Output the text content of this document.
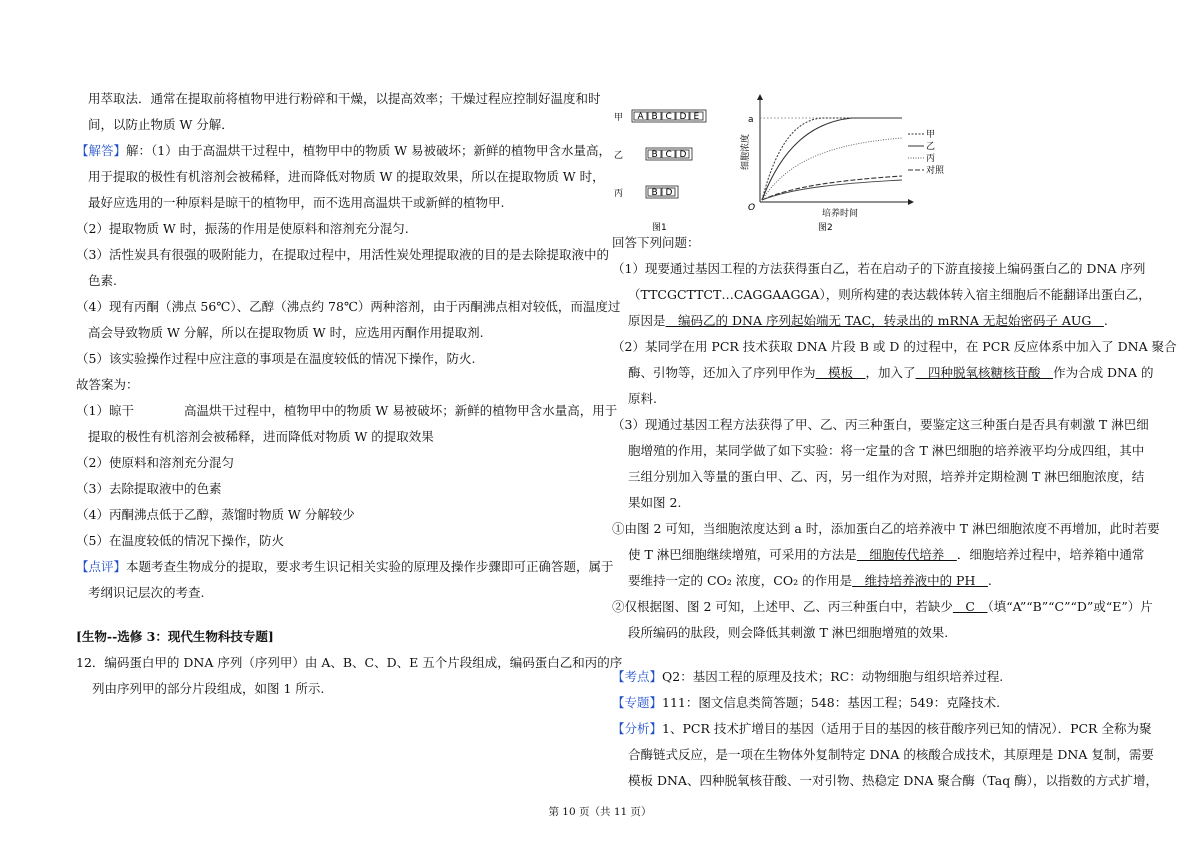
用萃取法．通常在提取前将植物甲进行粉碎和干燥，以提高效率；干燥过程应控制好温度和时
间，以防止物质 W 分解．
【解答】解：（1）由于高温烘干过程中，植物甲中的物质 W 易被破坏；新鲜的植物甲含水量高，
用于提取的极性有机溶剂会被稀释，进而降低对物质 W 的提取效果，所以在提取物质 W 时，
最好应选用的一种原料是晾干的植物甲，而不选用高温烘干或新鲜的植物甲.
（2）提取物质 W 时，振荡的作用是使原料和溶剂充分混匀.
（3）活性炭具有很强的吸附能力，在提取过程中，用活性炭处理提取液的目的是去除提取液中的
色素.
（4）现有丙酮（沸点 56℃）、乙醇（沸点约 78℃）两种溶剂，由于丙酮沸点相对较低，而温度过
高会导致物质 W 分解，所以在提取物质 W 时，应选用丙酮作用提取剂.
（5）该实验操作过程中应注意的事项是在温度较低的情况下操作，防火.
故答案为：
（1）晾干　　　　高温烘干过程中，植物甲中的物质 W 易被破坏；新鲜的植物甲含水量高，用于
提取的极性有机溶剂会被稀释，进而降低对物质 W 的提取效果
（2）使原料和溶剂充分混匀
（3）去除提取液中的色素
（4）丙酮沸点低于乙醇，蒸馏时物质 W 分解较少
（5）在温度较低的情况下操作，防火
【点评】本题考查生物成分的提取，要求考生识记相关实验的原理及操作步骤即可正确答题，属于
考纲识记层次的考查.
[生物--选修 3：现代生物科技专题]
12．编码蛋白甲的 DNA 序列（序列甲）由 A、B、C、D、E 五个片段组成，编码蛋白乙和丙的序
列由序列甲的部分片段组成，如图 1 所示.
甲 A B C D E
乙	B C D
丙	B D
a
O
细胞浓度
培养时间
图2
甲
乙
丙
对照
图1
回答下列问题：
（1）现要通过基因工程的方法获得蛋白乙，若在启动子的下游直接接上编码蛋白乙的 DNA 序列
（TTCGCTTCT…CAGGAAGGA），则所构建的表达载体转入宿主细胞后不能翻译出蛋白乙，
原因是　编码乙的 DNA 序列起始端无 TAC，转录出的 mRNA 无起始密码子 AUG　.
（2）某同学在用 PCR 技术获取 DNA 片段 B 或 D 的过程中，在 PCR 反应体系中加入了 DNA 聚合
酶、引物等，还加入了序列甲作为　模板　，加入了　四种脱氧核糖核苷酸　作为合成 DNA 的
原料.
（3）现通过基因工程方法获得了甲、乙、丙三种蛋白，要鉴定这三种蛋白是否具有刺激 T 淋巴细
胞增殖的作用，某同学做了如下实验：将一定量的含 T 淋巴细胞的培养液平均分成四组，其中
三组分别加入等量的蛋白甲、乙、丙，另一组作为对照，培养并定期检测 T 淋巴细胞浓度，结
果如图 2.
①由图 2 可知，当细胞浓度达到 a 时，添加蛋白乙的培养液中 T 淋巴细胞浓度不再增加，此时若要
使 T 淋巴细胞继续增殖，可采用的方法是　细胞传代培养　．细胞培养过程中，培养箱中通常
要维持一定的 CO₂ 浓度，CO₂ 的作用是　维持培养液中的 PH　.
②仅根据图、图 2 可知，上述甲、乙、丙三种蛋白中，若缺少　C　（填“A”“B”“C”“D”或“E”）片
段所编码的肽段，则会降低其刺激 T 淋巴细胞增殖的效果.
【考点】Q2：基因工程的原理及技术；RC：动物细胞与组织培养过程.
【专题】111：图文信息类简答题；548：基因工程；549：克隆技术.
【分析】1、PCR 技术扩增目的基因（适用于目的基因的核苷酸序列已知的情况）．PCR 全称为聚
合酶链式反应，是一项在生物体外复制特定 DNA 的核酸合成技术，其原理是 DNA 复制，需要
模板 DNA、四种脱氧核苷酸、一对引物、热稳定 DNA 聚合酶（Taq 酶），以指数的方式扩增，
第 10 页（共 11 页）
